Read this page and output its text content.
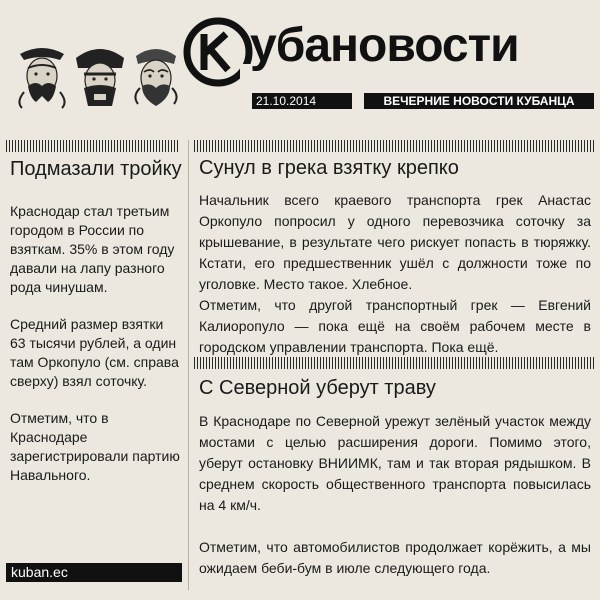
убановости
21.10.2014	ВЕЧЕРНИЕ НОВОСТИ КУБАНЦА
Подмазали тройку

Краснодар стал третьим городом в России по взяткам. 35% в этом году давали на лапу разного рода чинушам.

Средний размер взятки 63 тысячи рублей, а один там Оркопуло (см. справа сверху) взял соточку.

Отметим, что в Краснодаре зарегистрировали партию Навального.

kuban.ec
Сунул в грека взятку крепко

Начальник всего краевого транспорта грек Анастас Оркопуло попросил у одного перевозчика соточку за крышевание, в результате чего рискует попасть в тюряжку. Кстати, его предшественник ушёл с должности тоже по уголовке. Место такое. Хлебное.

Отметим, что другой транспортный грек — Евгений Калиоропуло — пока ещё на своём рабочем месте в городском управлении транспорта. Пока ещё.

С Северной уберут траву

В Краснодаре по Северной урежут зелёный участок между мостами с целью расширения дороги. Помимо этого, уберут остановку ВНИИМК, там и так вторая рядышком. В среднем скорость общественного транспорта повысилась на 4 км/ч.

Отметим, что автомобилистов продолжает корёжить, а мы ожидаем беби-бум в июле следующего года.
